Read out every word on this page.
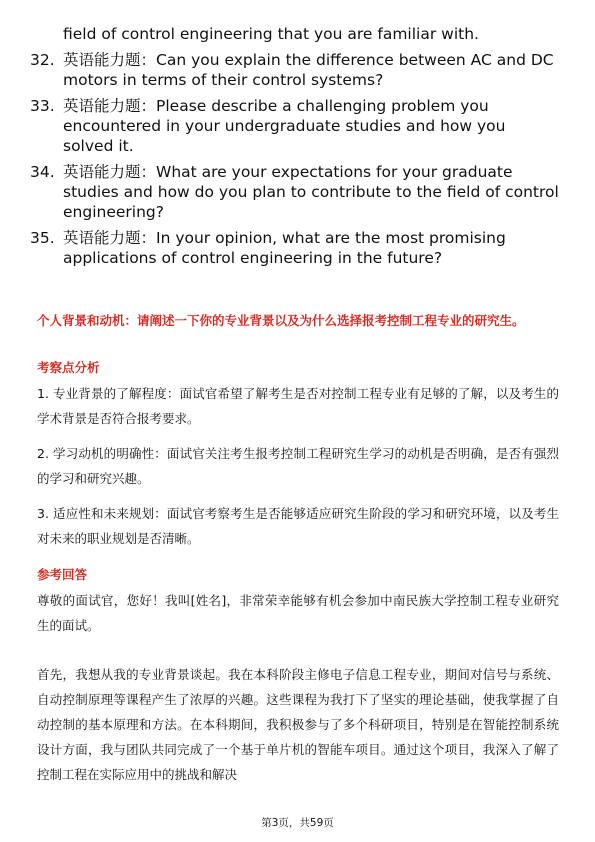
field of control engineering that you are familiar with.
32. 英语能力题：Can you explain the difference between AC and DC motors in terms of their control systems?
33. 英语能力题：Please describe a challenging problem you encountered in your undergraduate studies and how you solved it.
34. 英语能力题：What are your expectations for your graduate studies and how do you plan to contribute to the field of control engineering?
35. 英语能力题：In your opinion, what are the most promising applications of control engineering in the future?
个人背景和动机：请阐述一下你的专业背景以及为什么选择报考控制工程专业的研究生。
考察点分析
1. 专业背景的了解程度：面试官希望了解考生是否对控制工程专业有足够的了解，以及考生的学术背景是否符合报考要求。
2. 学习动机的明确性：面试官关注考生报考控制工程研究生学习的动机是否明确，是否有强烈的学习和研究兴趣。
3. 适应性和未来规划：面试官考察考生是否能够适应研究生阶段的学习和研究环境，以及考生对未来的职业规划是否清晰。
参考回答
尊敬的面试官，您好！我叫[姓名]，非常荣幸能够有机会参加中南民族大学控制工程专业研究生的面试。
首先，我想从我的专业背景谈起。我在本科阶段主修电子信息工程专业，期间对信号与系统、自动控制原理等课程产生了浓厚的兴趣。这些课程为我打下了坚实的理论基础，使我掌握了自动控制的基本原理和方法。在本科期间，我积极参与了多个科研项目，特别是在智能控制系统设计方面，我与团队共同完成了一个基于单片机的智能车项目。通过这个项目，我深入了解了控制工程在实际应用中的挑战和解决
第3页，共59页
